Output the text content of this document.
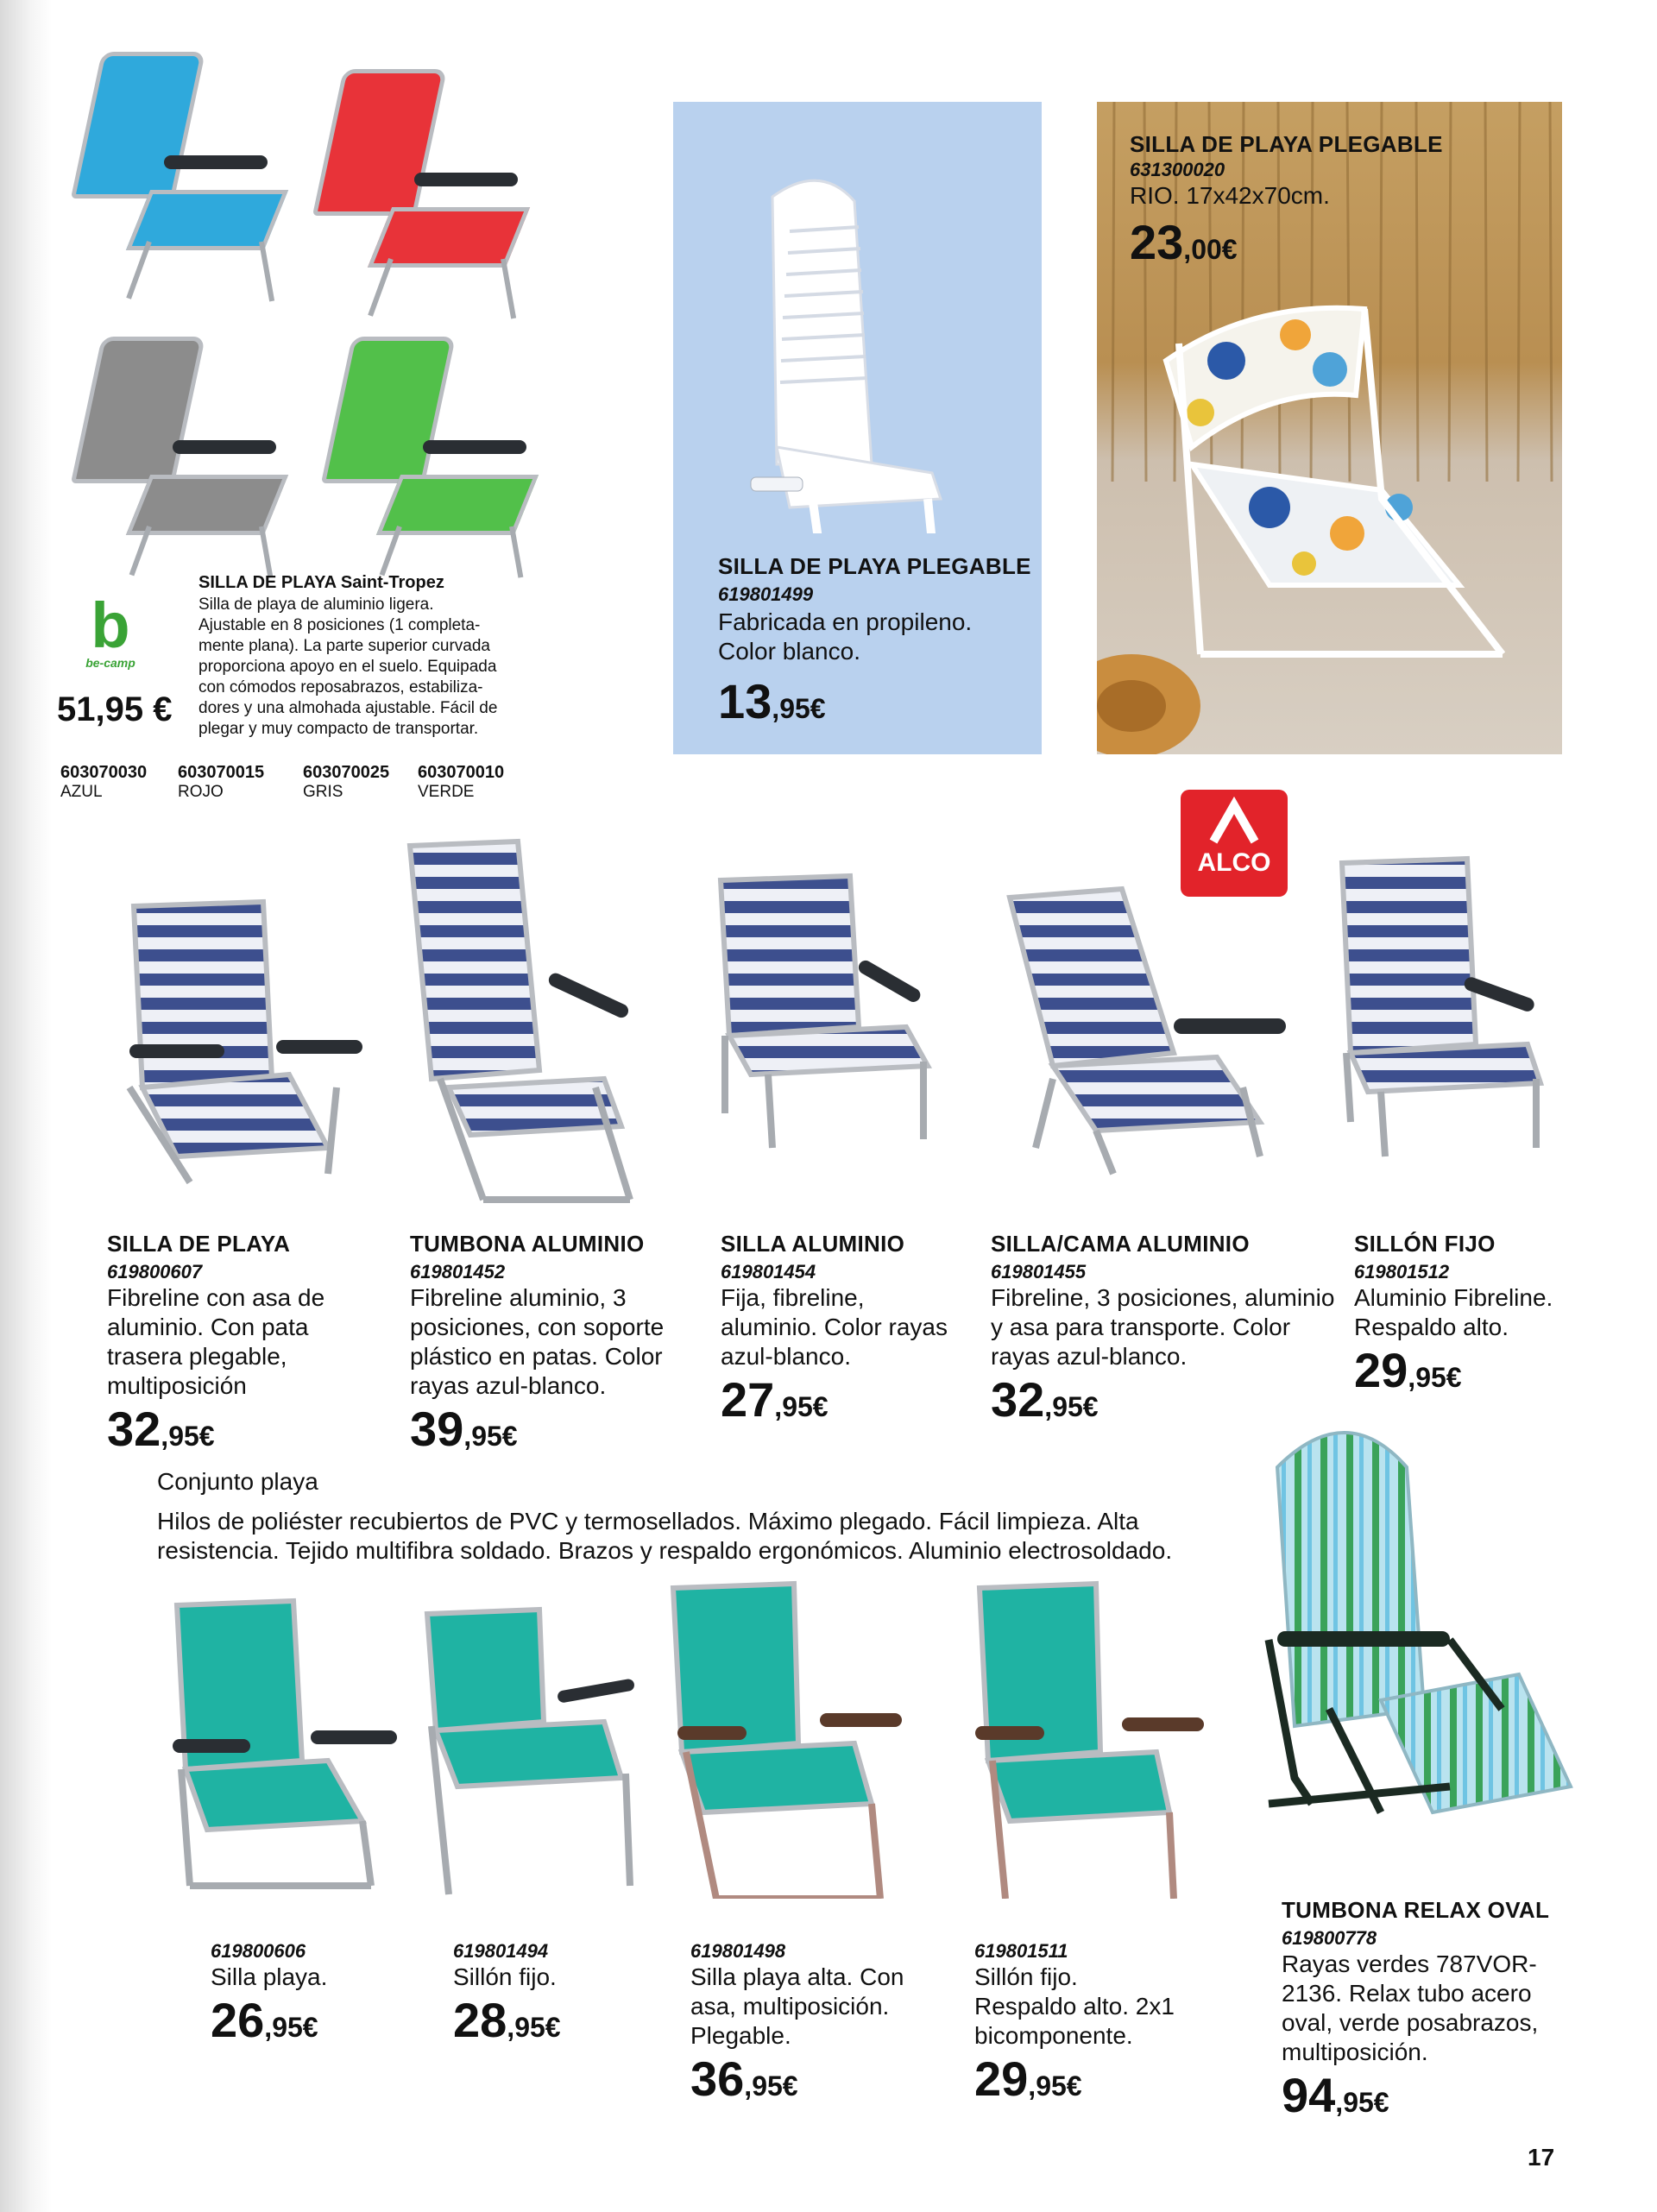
b
be-camp
SILLA DE PLAYA Saint-Tropez
Silla de playa de aluminio ligera.
Ajustable en 8 posiciones (1 completa-
mente plana). La parte superior curvada
proporciona apoyo en el suelo. Equipada
con cómodos reposabrazos, estabiliza-
dores y una almohada ajustable. Fácil de
plegar y muy compacto de transportar.
51,95 €
603070030
AZUL
603070015
ROJO
603070025
GRIS
603070010
VERDE
SILLA DE PLAYA PLEGABLE
619801499
Fabricada en propileno.
Color blanco.
13,95€
SILLA DE PLAYA PLEGABLE
631300020
RIO. 17x42x70cm.
23,00€
ALCO
SILLA DE PLAYA
619800607
Fibreline con asa de
aluminio. Con pata
trasera plegable,
multiposición
32,95€
TUMBONA ALUMINIO
619801452
Fibreline aluminio, 3
posiciones, con soporte
plástico en patas. Color
rayas azul-blanco.
39,95€
SILLA ALUMINIO
619801454
Fija, fibreline,
aluminio. Color rayas
azul-blanco.
27,95€
SILLA/CAMA ALUMINIO
619801455
Fibreline, 3 posiciones, aluminio
y asa para transporte. Color
rayas azul-blanco.
32,95€
SILLÓN FIJO
619801512
Aluminio Fibreline.
Respaldo alto.
29,95€
Conjunto playa
Hilos de poliéster recubiertos de PVC y termosellados. Máximo plegado. Fácil limpieza. Alta
resistencia. Tejido multifibra soldado. Brazos y respaldo ergonómicos. Aluminio electrosoldado.
619800606
Silla playa.
26,95€
619801494
Sillón fijo.
28,95€
619801498
Silla playa alta. Con
asa, multiposición.
Plegable.
36,95€
619801511
Sillón fijo.
Respaldo alto. 2x1
bicomponente.
29,95€
TUMBONA RELAX OVAL
619800778
Rayas verdes 787VOR-
2136. Relax tubo acero
oval, verde posabrazos,
multiposición.
94,95€
17
